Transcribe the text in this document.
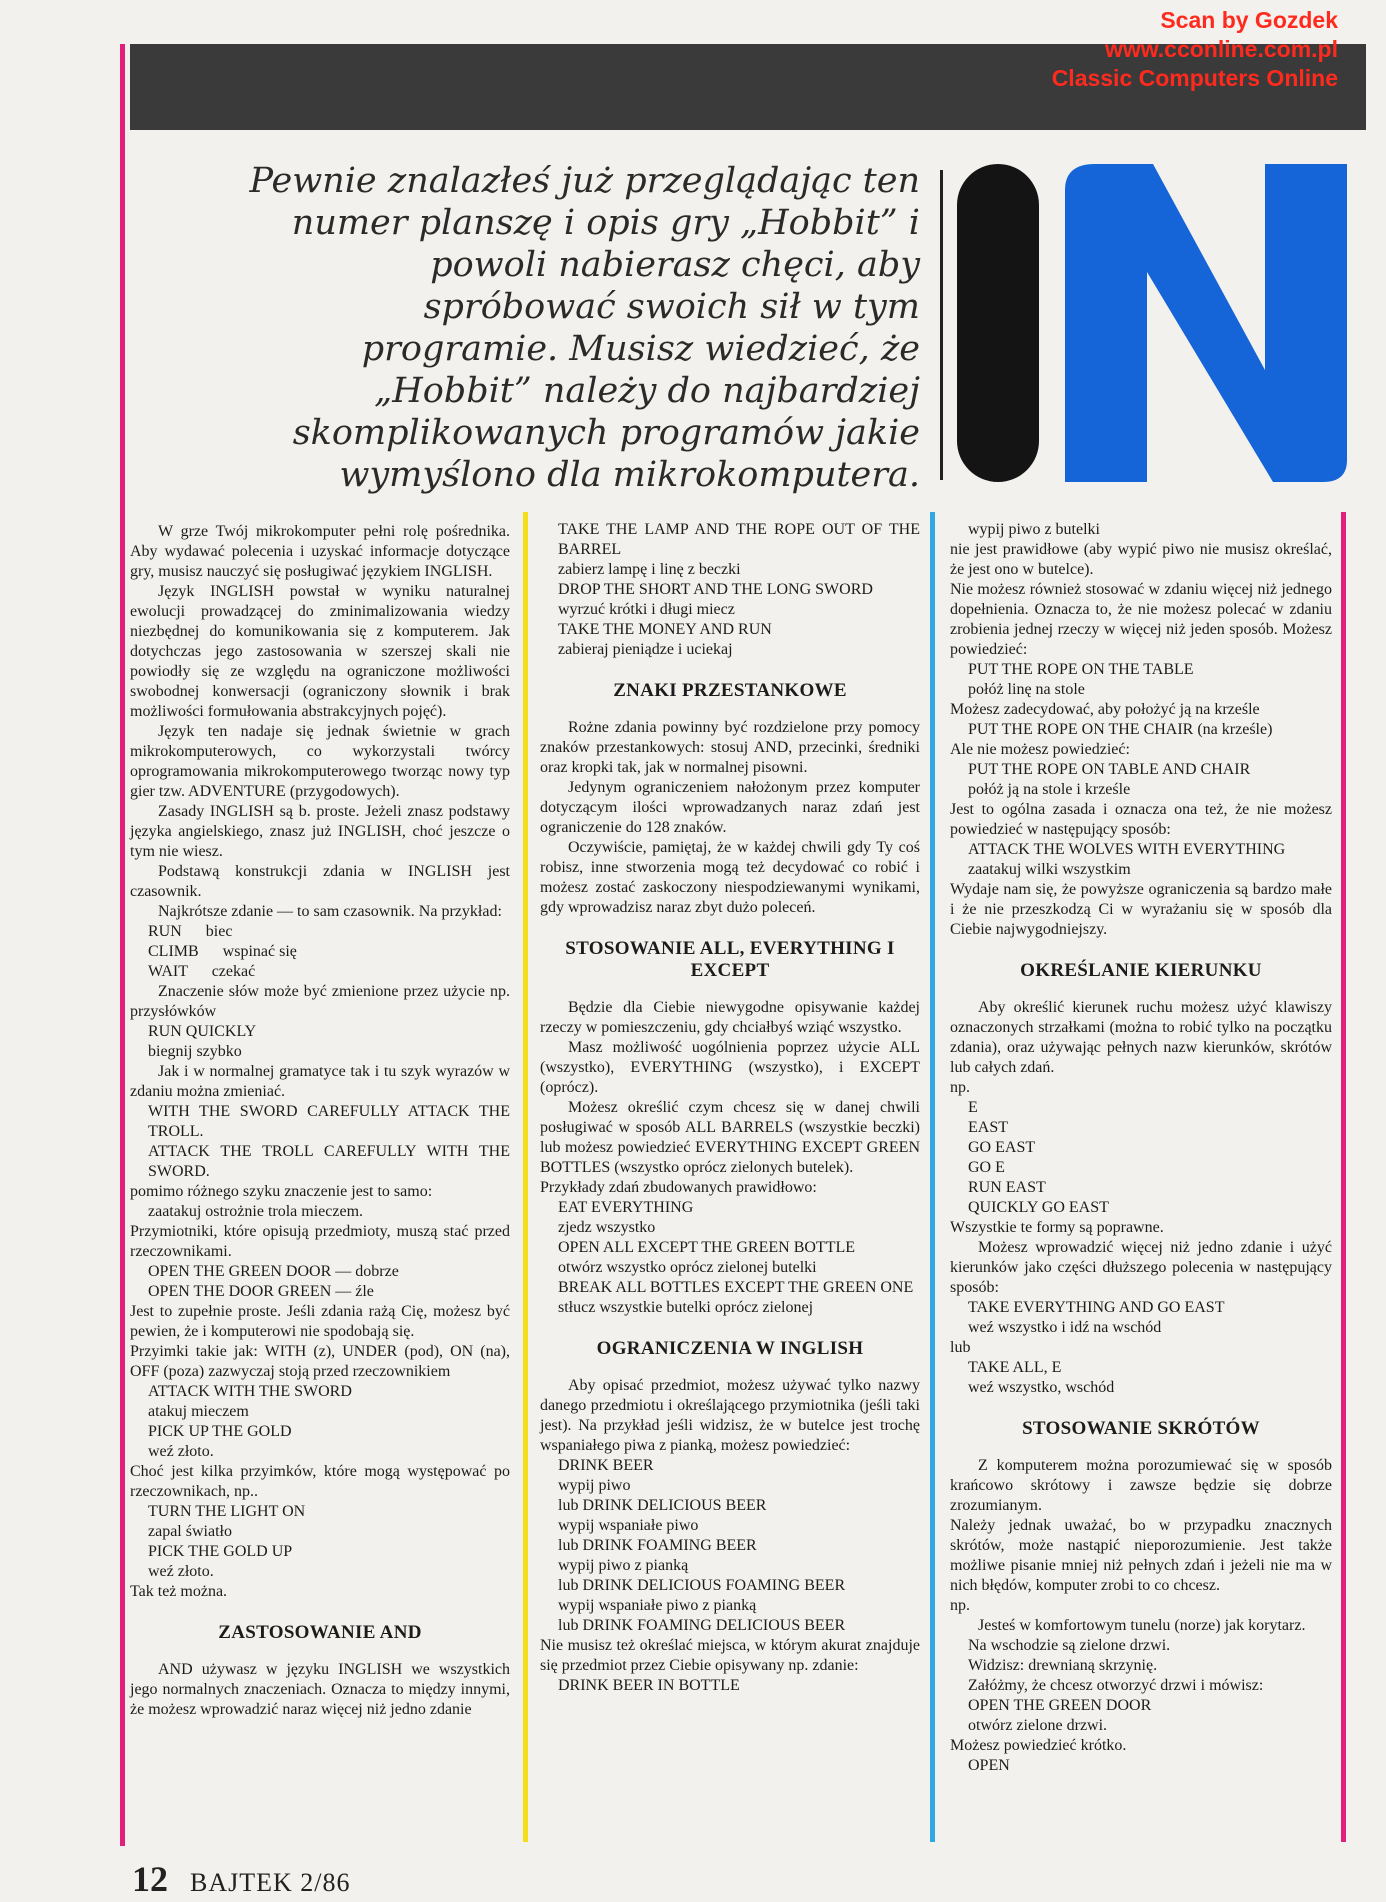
Scan by Gozdek
www.cconline.com.pl
Classic Computers Online
Pewnie znalazłeś już przeglądając ten numer planszę i opis gry „Hobbit” i powoli nabierasz chęci, aby spróbować swoich sił w tym programie. Musisz wiedzieć, że „Hobbit” należy do najbardziej skomplikowanych programów jakie wymyślono dla mikrokomputera.

W grze Twój mikrokomputer pełni rolę pośrednika. Aby wydawać polecenia i uzyskać informacje dotyczące gry, musisz nauczyć się posługiwać językiem INGLISH.

Język INGLISH powstał w wyniku naturalnej ewolucji prowadzącej do zminimalizowania wiedzy niezbędnej do komunikowania się z komputerem. Jak dotychczas jego zastosowania w szerszej skali nie powiodły się ze względu na ograniczone możliwości swobodnej konwersacji (ograniczony słownik i brak możliwości formułowania abstrakcyjnych pojęć).

Język ten nadaje się jednak świetnie w grach mikrokomputerowych, co wykorzystali twórcy oprogramowania mikrokomputerowego tworząc nowy typ gier tzw. ADVENTURE (przygodowych).

Zasady INGLISH są b. proste. Jeżeli znasz podstawy języka angielskiego, znasz już INGLISH, choć jeszcze o tym nie wiesz.

Podstawą konstrukcji zdania w INGLISH jest czasownik.

Najkrótsze zdanie — to sam czasownik. Na przykład:

RUN      biec

CLIMB      wspinać się

WAIT      czekać

Znaczenie słów może być zmienione przez użycie np. przysłówków

RUN QUICKLY

biegnij szybko

Jak i w normalnej gramatyce tak i tu szyk wyrazów w zdaniu można zmieniać.

WITH THE SWORD CAREFULLY ATTACK THE TROLL.

ATTACK THE TROLL CAREFULLY WITH THE SWORD.

pomimo różnego szyku znaczenie jest to samo:

zaatakuj ostrożnie trola mieczem.

Przymiotniki, które opisują przedmioty, muszą stać przed rzeczownikami.

OPEN THE GREEN DOOR — dobrze

OPEN THE DOOR GREEN — źle

Jest to zupełnie proste. Jeśli zdania rażą Cię, możesz być pewien, że i komputerowi nie spodobają się.

Przyimki takie jak: WITH (z), UNDER (pod), ON (na), OFF (poza) zazwyczaj stoją przed rzeczownikiem

ATTACK WITH THE SWORD

atakuj mieczem

PICK UP THE GOLD

weź złoto.

Choć jest kilka przyimków, które mogą występować po rzeczownikach, np..

TURN THE LIGHT ON

zapal światło

PICK THE GOLD UP

weź złoto.

Tak też można.

ZASTOSOWANIE AND

AND używasz w języku INGLISH we wszystkich jego normalnych znaczeniach. Oznacza to między innymi, że możesz wprowadzić naraz więcej niż jedno zdanie

TAKE THE LAMP AND THE ROPE OUT OF THE BARREL

zabierz lampę i linę z beczki

DROP THE SHORT AND THE LONG SWORD

wyrzuć krótki i długi miecz

TAKE THE MONEY AND RUN

zabieraj pieniądze i uciekaj

ZNAKI PRZESTANKOWE

Rożne zdania powinny być rozdzielone przy pomocy znaków przestankowych: stosuj AND, przecinki, średniki oraz kropki tak, jak w normalnej pisowni.

Jedynym ograniczeniem nałożonym przez komputer dotyczącym ilości wprowadzanych naraz zdań jest ograniczenie do 128 znaków.

Oczywiście, pamiętaj, że w każdej chwili gdy Ty coś robisz, inne stworzenia mogą też decydować co robić i możesz zostać zaskoczony niespodziewanymi wynikami, gdy wprowadzisz naraz zbyt dużo poleceń.

STOSOWANIE ALL, EVERYTHING I EXCEPT

Będzie dla Ciebie niewygodne opisywanie każdej rzeczy w pomieszczeniu, gdy chciałbyś wziąć wszystko.

Masz możliwość uogólnienia poprzez użycie ALL (wszystko), EVERYTHING (wszystko), i EXCEPT (oprócz).

Możesz określić czym chcesz się w danej chwili posługiwać w sposób ALL BARRELS (wszystkie beczki) lub możesz powiedzieć EVERYTHING EXCEPT GREEN BOTTLES (wszystko oprócz zielonych butelek).

Przykłady zdań zbudowanych prawidłowo:

EAT EVERYTHING

zjedz wszystko

OPEN ALL EXCEPT THE GREEN BOTTLE

otwórz wszystko oprócz zielonej butelki

BREAK ALL BOTTLES EXCEPT THE GREEN ONE

stłucz wszystkie butelki oprócz zielonej

OGRANICZENIA W INGLISH

Aby opisać przedmiot, możesz używać tylko nazwy danego przedmiotu i określającego przymiotnika (jeśli taki jest). Na przykład jeśli widzisz, że w butelce jest trochę wspaniałego piwa z pianką, możesz powiedzieć:

DRINK BEER

wypij piwo

lub DRINK DELICIOUS BEER

wypij wspaniałe piwo

lub DRINK FOAMING BEER

wypij piwo z pianką

lub DRINK DELICIOUS FOAMING BEER

wypij wspaniałe piwo z pianką

lub DRINK FOAMING DELICIOUS BEER

Nie musisz też określać miejsca, w którym akurat znajduje się przedmiot przez Ciebie opisywany np. zdanie:

DRINK BEER IN BOTTLE

wypij piwo z butelki

nie jest prawidłowe (aby wypić piwo nie musisz określać, że jest ono w butelce).

Nie możesz również stosować w zdaniu więcej niż jednego dopełnienia. Oznacza to, że nie możesz polecać w zdaniu zrobienia jednej rzeczy w więcej niż jeden sposób. Możesz powiedzieć:

PUT THE ROPE ON THE TABLE

połóż linę na stole

Możesz zadecydować, aby położyć ją na krześle

PUT THE ROPE ON THE CHAIR (na krześle)

Ale nie możesz powiedzieć:

PUT THE ROPE ON TABLE AND CHAIR

połóż ją na stole i krześle

Jest to ogólna zasada i oznacza ona też, że nie możesz powiedzieć w następujący sposób:

ATTACK THE WOLVES WITH EVERYTHING

zaatakuj wilki wszystkim

Wydaje nam się, że powyższe ograniczenia są bardzo małe i że nie przeszkodzą Ci w wyrażaniu się w sposób dla Ciebie najwygodniejszy.

OKREŚLANIE KIERUNKU

Aby określić kierunek ruchu możesz użyć klawiszy oznaczonych strzałkami (można to robić tylko na początku zdania), oraz używając pełnych nazw kierunków, skrótów lub całych zdań.

np.

E

EAST

GO EAST

GO E

RUN EAST

QUICKLY GO EAST

Wszystkie te formy są poprawne.

Możesz wprowadzić więcej niż jedno zdanie i użyć kierunków jako części dłuższego polecenia w następujący sposób:

TAKE EVERYTHING AND GO EAST

weź wszystko i idź na wschód

lub

TAKE ALL, E

weź wszystko, wschód

STOSOWANIE SKRÓTÓW

Z komputerem można porozumiewać się w sposób krańcowo skrótowy i zawsze będzie się dobrze zrozumianym.

Należy jednak uważać, bo w przypadku znacznych skrótów, może nastąpić nieporozumienie. Jest także możliwe pisanie mniej niż pełnych zdań i jeżeli nie ma w nich błędów, komputer zrobi to co chcesz.

np.

Jesteś w komfortowym tunelu (norze) jak korytarz.

Na wschodzie są zielone drzwi.

Widzisz: drewnianą skrzynię.

Załóżmy, że chcesz otworzyć drzwi i mówisz:

OPEN THE GREEN DOOR

otwórz zielone drzwi.

Możesz powiedzieć krótko.

OPEN

12 BAJTEK 2/86
